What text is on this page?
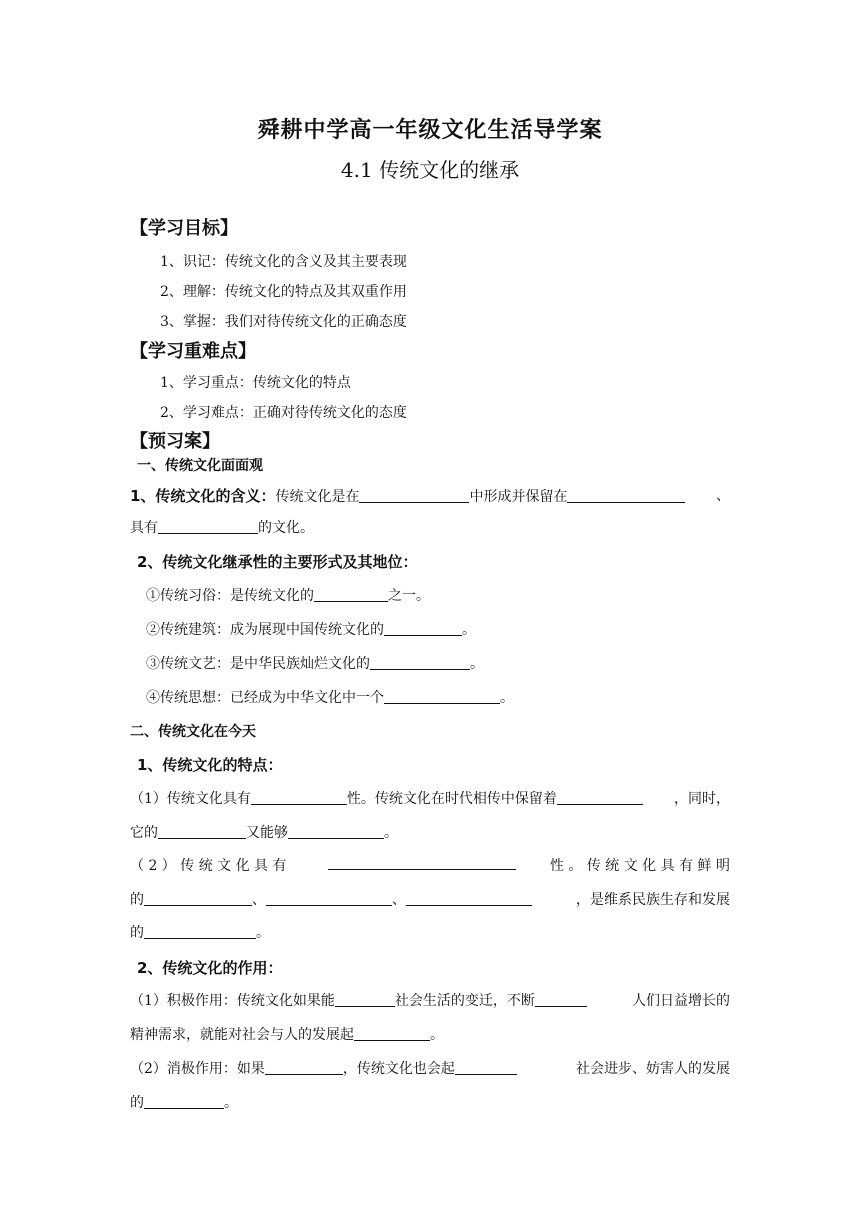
舜耕中学高一年级文化生活导学案
4.1 传统文化的继承
【学习目标】
1、识记：传统文化的含义及其主要表现
2、理解：传统文化的特点及其双重作用
3、掌握：我们对待传统文化的正确态度
【学习重难点】
1、学习重点：传统文化的特点
2、学习难点：正确对待传统文化的态度
【预习案】
一、传统文化面面观
1、传统文化的含义：传统文化是在	中形成并保留在	、
具有	的文化。
2、传统文化继承性的主要形式及其地位：
①传统习俗：是传统文化的	之一。
②传统建筑：成为展现中国传统文化的	。
③传统文艺：是中华民族灿烂文化的	。
④传统思想：已经成为中华文化中一个	。
二、传统文化在今天
1、传统文化的特点：
（1）传统文化具有	性。传统文化在时代相传中保留着	，同时，
它的	又能够	。
（ 2 ） 传 统 文 化 具 有	性 。 传 统 文 化 具 有 鲜 明
的	、	、	，是维系民族生存和发展
的	。
2、传统文化的作用：
（1）积极作用：传统文化如果能	社会生活的变迁，不断	人们日益增长的
精神需求，就能对社会与人的发展起	。
（2）消极作用：如果	，传统文化也会起	社会进步、妨害人的发展
的	。
